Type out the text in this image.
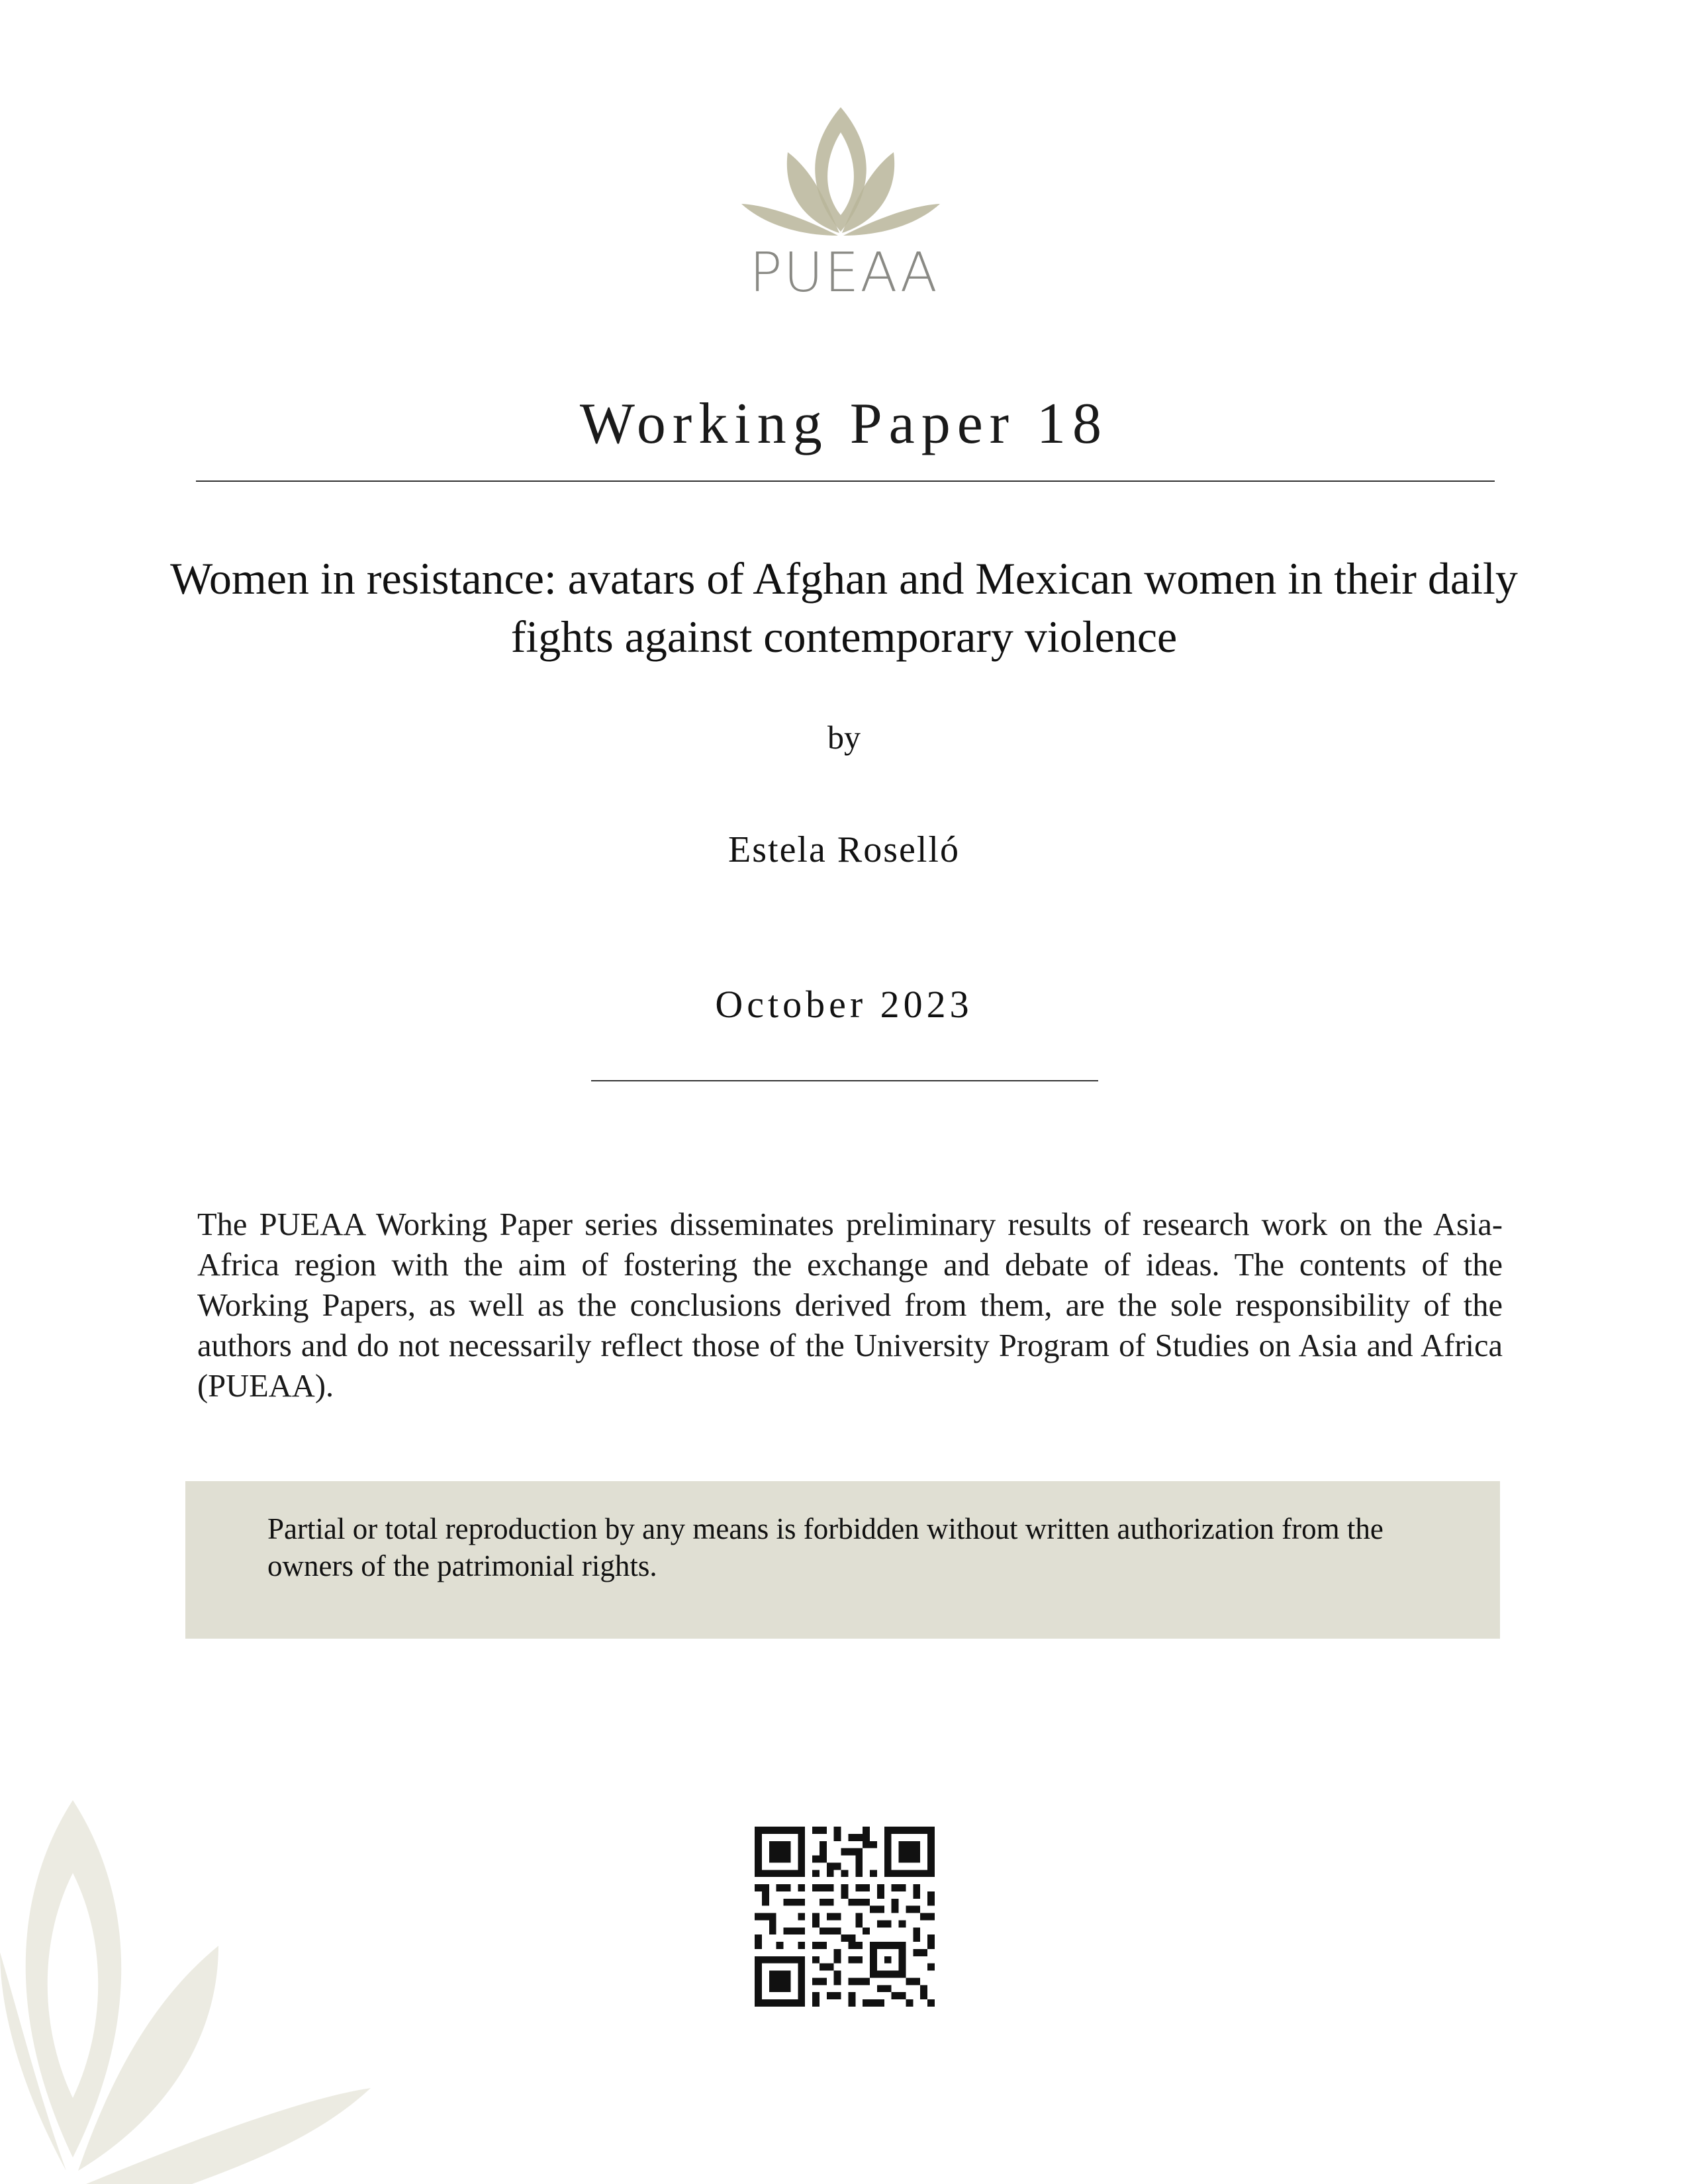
PUEAA
Working Paper 18
Women in resistance: avatars of Afghan and Mexican women in their daily
fights against contemporary violence
by
Estela Roselló
October 2023
The PUEAA Working Paper series disseminates preliminary results of research work on the Asia-Africa region with the aim of fostering the exchange and debate of ideas. The contents of the Working Papers, as well as the conclusions derived from them, are the sole responsibility of the authors and do not necessarily reflect those of the University Program of Studies on Asia and Africa (PUEAA).
Partial or total reproduction by any means is forbidden without written authorization from the
owners of the patrimonial rights.
